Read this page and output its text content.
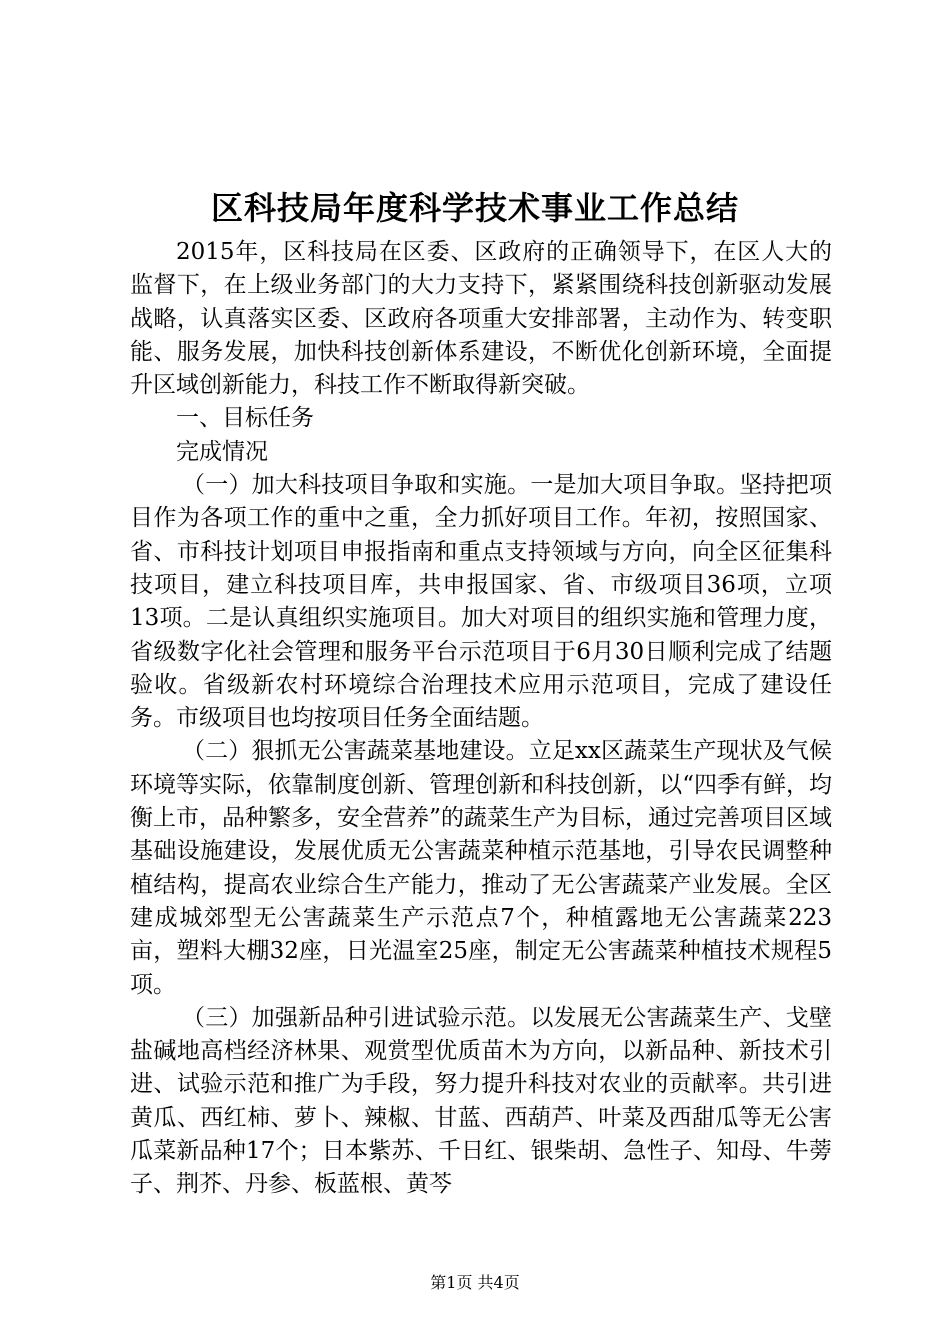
区科技局年度科学技术事业工作总结

2015年，区科技局在区委、区政府的正确领导下，在区人大的监督下，在上级业务部门的大力支持下，紧紧围绕科技创新驱动发展战略，认真落实区委、区政府各项重大安排部署，主动作为、转变职能、服务发展，加快科技创新体系建设，不断优化创新环境，全面提升区域创新能力，科技工作不断取得新突破。

一、目标任务

完成情况

（一）加大科技项目争取和实施。一是加大项目争取。坚持把项目作为各项工作的重中之重，全力抓好项目工作。年初，按照国家、省、市科技计划项目申报指南和重点支持领域与方向，向全区征集科技项目，建立科技项目库，共申报国家、省、市级项目36项，立项13项。二是认真组织实施项目。加大对项目的组织实施和管理力度，省级数字化社会管理和服务平台示范项目于6月30日顺利完成了结题验收。省级新农村环境综合治理技术应用示范项目，完成了建设任务。市级项目也均按项目任务全面结题。

（二）狠抓无公害蔬菜基地建设。立足xx区蔬菜生产现状及气候环境等实际，依靠制度创新、管理创新和科技创新，以“四季有鲜，均衡上市，品种繁多，安全营养”的蔬菜生产为目标，通过完善项目区域基础设施建设，发展优质无公害蔬菜种植示范基地，引导农民调整种植结构，提高农业综合生产能力，推动了无公害蔬菜产业发展。全区建成城郊型无公害蔬菜生产示范点7个，种植露地无公害蔬菜223亩，塑料大棚32座，日光温室25座，制定无公害蔬菜种植技术规程5项。

（三）加强新品种引进试验示范。以发展无公害蔬菜生产、戈壁盐碱地高档经济林果、观赏型优质苗木为方向，以新品种、新技术引进、试验示范和推广为手段，努力提升科技对农业的贡献率。共引进黄瓜、西红柿、萝卜、辣椒、甘蓝、西葫芦、叶菜及西甜瓜等无公害瓜菜新品种17个；日本紫苏、千日红、银柴胡、急性子、知母、牛蒡子、荆芥、丹参、板蓝根、黄芩

第1页 共4页
